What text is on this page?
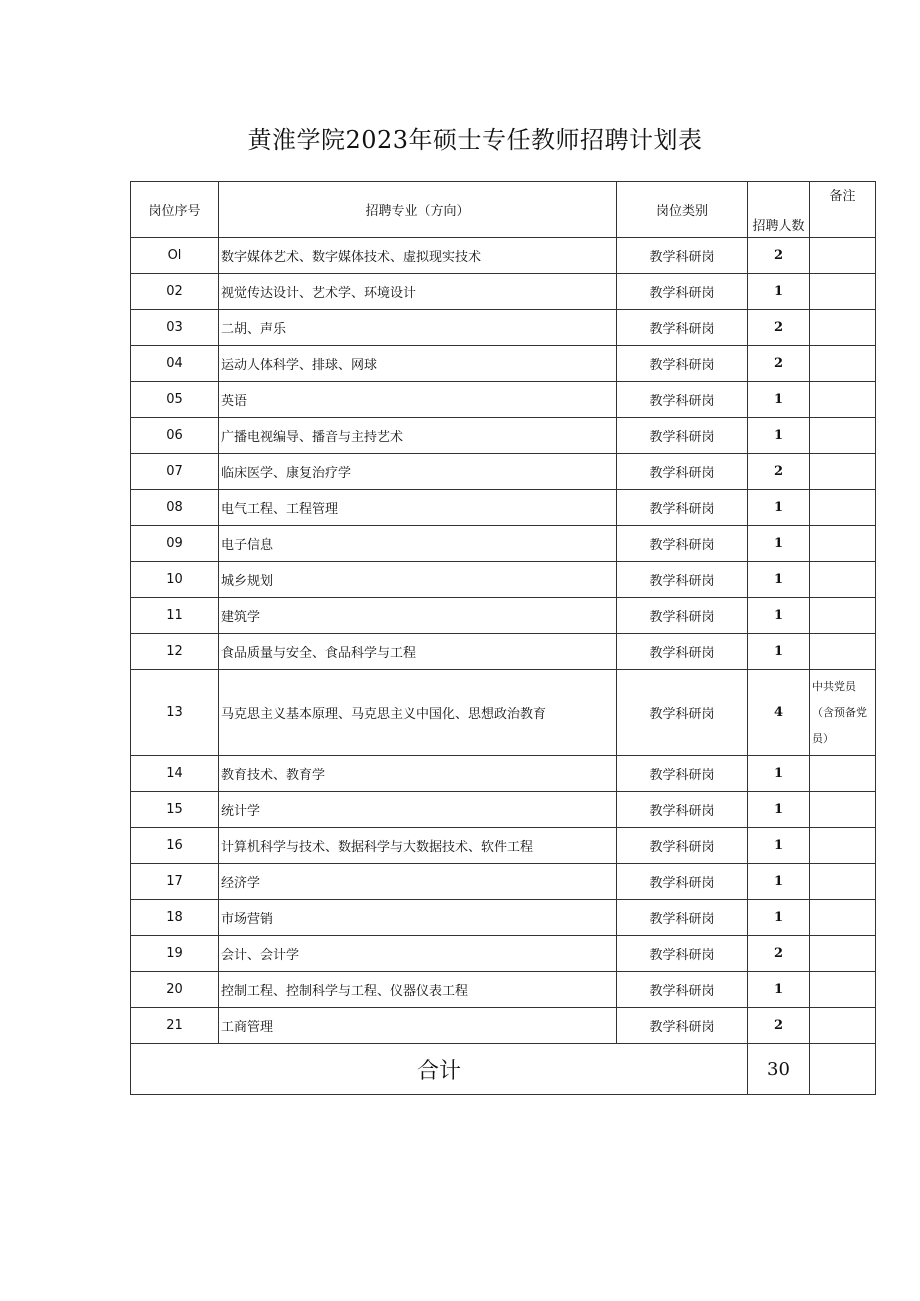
黄淮学院2023年硕士专任教师招聘计划表
岗位序号	招聘专业（方向）	岗位类别	招聘人数	备注
Ol	数字媒体艺术、数字媒体技术、虚拟现实技术	教学科研岗	2	
02	视觉传达设计、艺术学、环境设计	教学科研岗	1	
03	二胡、声乐	教学科研岗	2	
04	运动人体科学、排球、网球	教学科研岗	2	
05	英语	教学科研岗	1	
06	广播电视编导、播音与主持艺术	教学科研岗	1	
07	临床医学、康复治疗学	教学科研岗	2	
08	电气工程、工程管理	教学科研岗	1	
09	电子信息	教学科研岗	1	
10	城乡规划	教学科研岗	1	
11	建筑学	教学科研岗	1	
12	食品质量与安全、食品科学与工程	教学科研岗	1	
13	马克思主义基本原理、马克思主义中国化、思想政治教育	教学科研岗	4	中共党员（含预备党员）
14	教育技术、教育学	教学科研岗	1	
15	统计学	教学科研岗	1	
16	计算机科学与技术、数据科学与大数据技术、软件工程	教学科研岗	1	
17	经济学	教学科研岗	1	
18	市场营销	教学科研岗	1	
19	会计、会计学	教学科研岗	2	
20	控制工程、控制科学与工程、仪器仪表工程	教学科研岗	1	
21	工商管理	教学科研岗	2	
合计			30	
